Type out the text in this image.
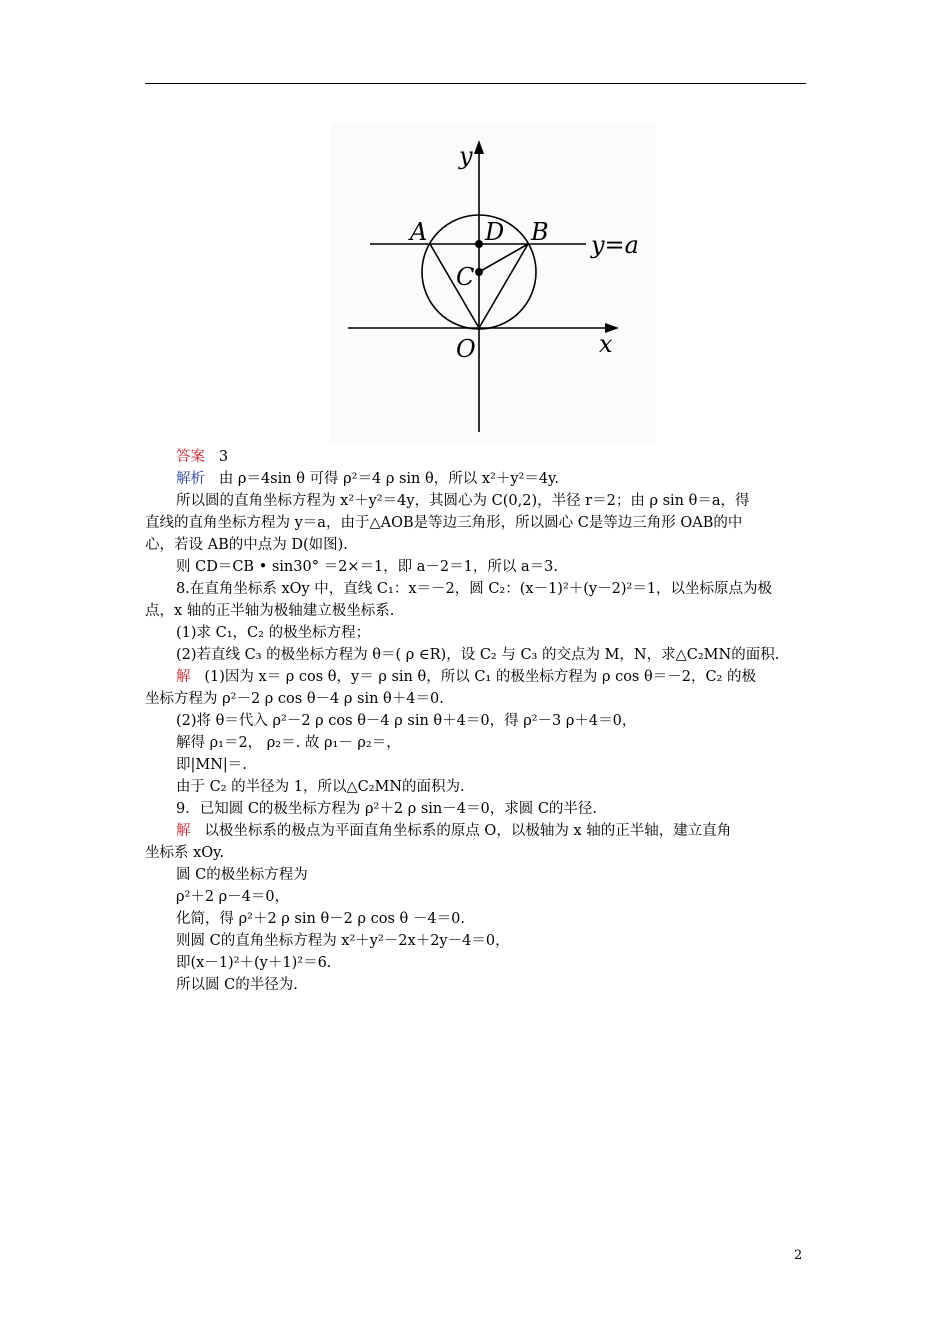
y
x
O
A	B
C
D	y=a
答案 3
解析 由 ρ＝4sin θ 可得 ρ²＝4 ρ sin θ，所以 x²＋y²＝4y.
所以圆的直角坐标方程为 x²＋y²＝4y，其圆心为 C(0,2)，半径 r＝2；由 ρ sin θ＝a，得
直线的直角坐标方程为 y＝a，由于△AOB是等边三角形，所以圆心 C是等边三角形 OAB的中
心，若设 AB的中点为 D(如图).
则 CD＝CB • sin30° ＝2×＝1，即 a－2＝1，所以 a＝3.
8.在直角坐标系 xOy 中，直线 C₁：x＝－2，圆 C₂：(x－1)²＋(y－2)²＝1，以坐标原点为极
点，x 轴的正半轴为极轴建立极坐标系.
(1)求 C₁，C₂ 的极坐标方程；
(2)若直线 C₃ 的极坐标方程为 θ＝( ρ ∈R)，设 C₂ 与 C₃ 的交点为 M，N，求△C₂MN的面积.
解 (1)因为 x＝ ρ cos θ，y＝ ρ sin θ，所以 C₁ 的极坐标方程为 ρ cos θ＝－2，C₂ 的极
坐标方程为 ρ²－2 ρ cos θ－4 ρ sin θ＋4＝0.
(2)将 θ＝代入 ρ²－2 ρ cos θ－4 ρ sin θ＋4＝0，得 ρ²－3 ρ＋4＝0，
解得 ρ₁＝2， ρ₂＝. 故 ρ₁－ ρ₂＝，
即|MN|＝.
由于 C₂ 的半径为 1，所以△C₂MN的面积为.
9．已知圆 C的极坐标方程为 ρ²＋2 ρ sin－4＝0，求圆 C的半径.
解 以极坐标系的极点为平面直角坐标系的原点 O，以极轴为 x 轴的正半轴，建立直角
坐标系 xOy.
圆 C的极坐标方程为
ρ²＋2 ρ－4＝0，
化简，得 ρ²＋2 ρ sin θ－2 ρ cos θ －4＝0.
则圆 C的直角坐标方程为 x²＋y²－2x＋2y－4＝0，
即(x－1)²＋(y＋1)²＝6.
所以圆 C的半径为.
2
